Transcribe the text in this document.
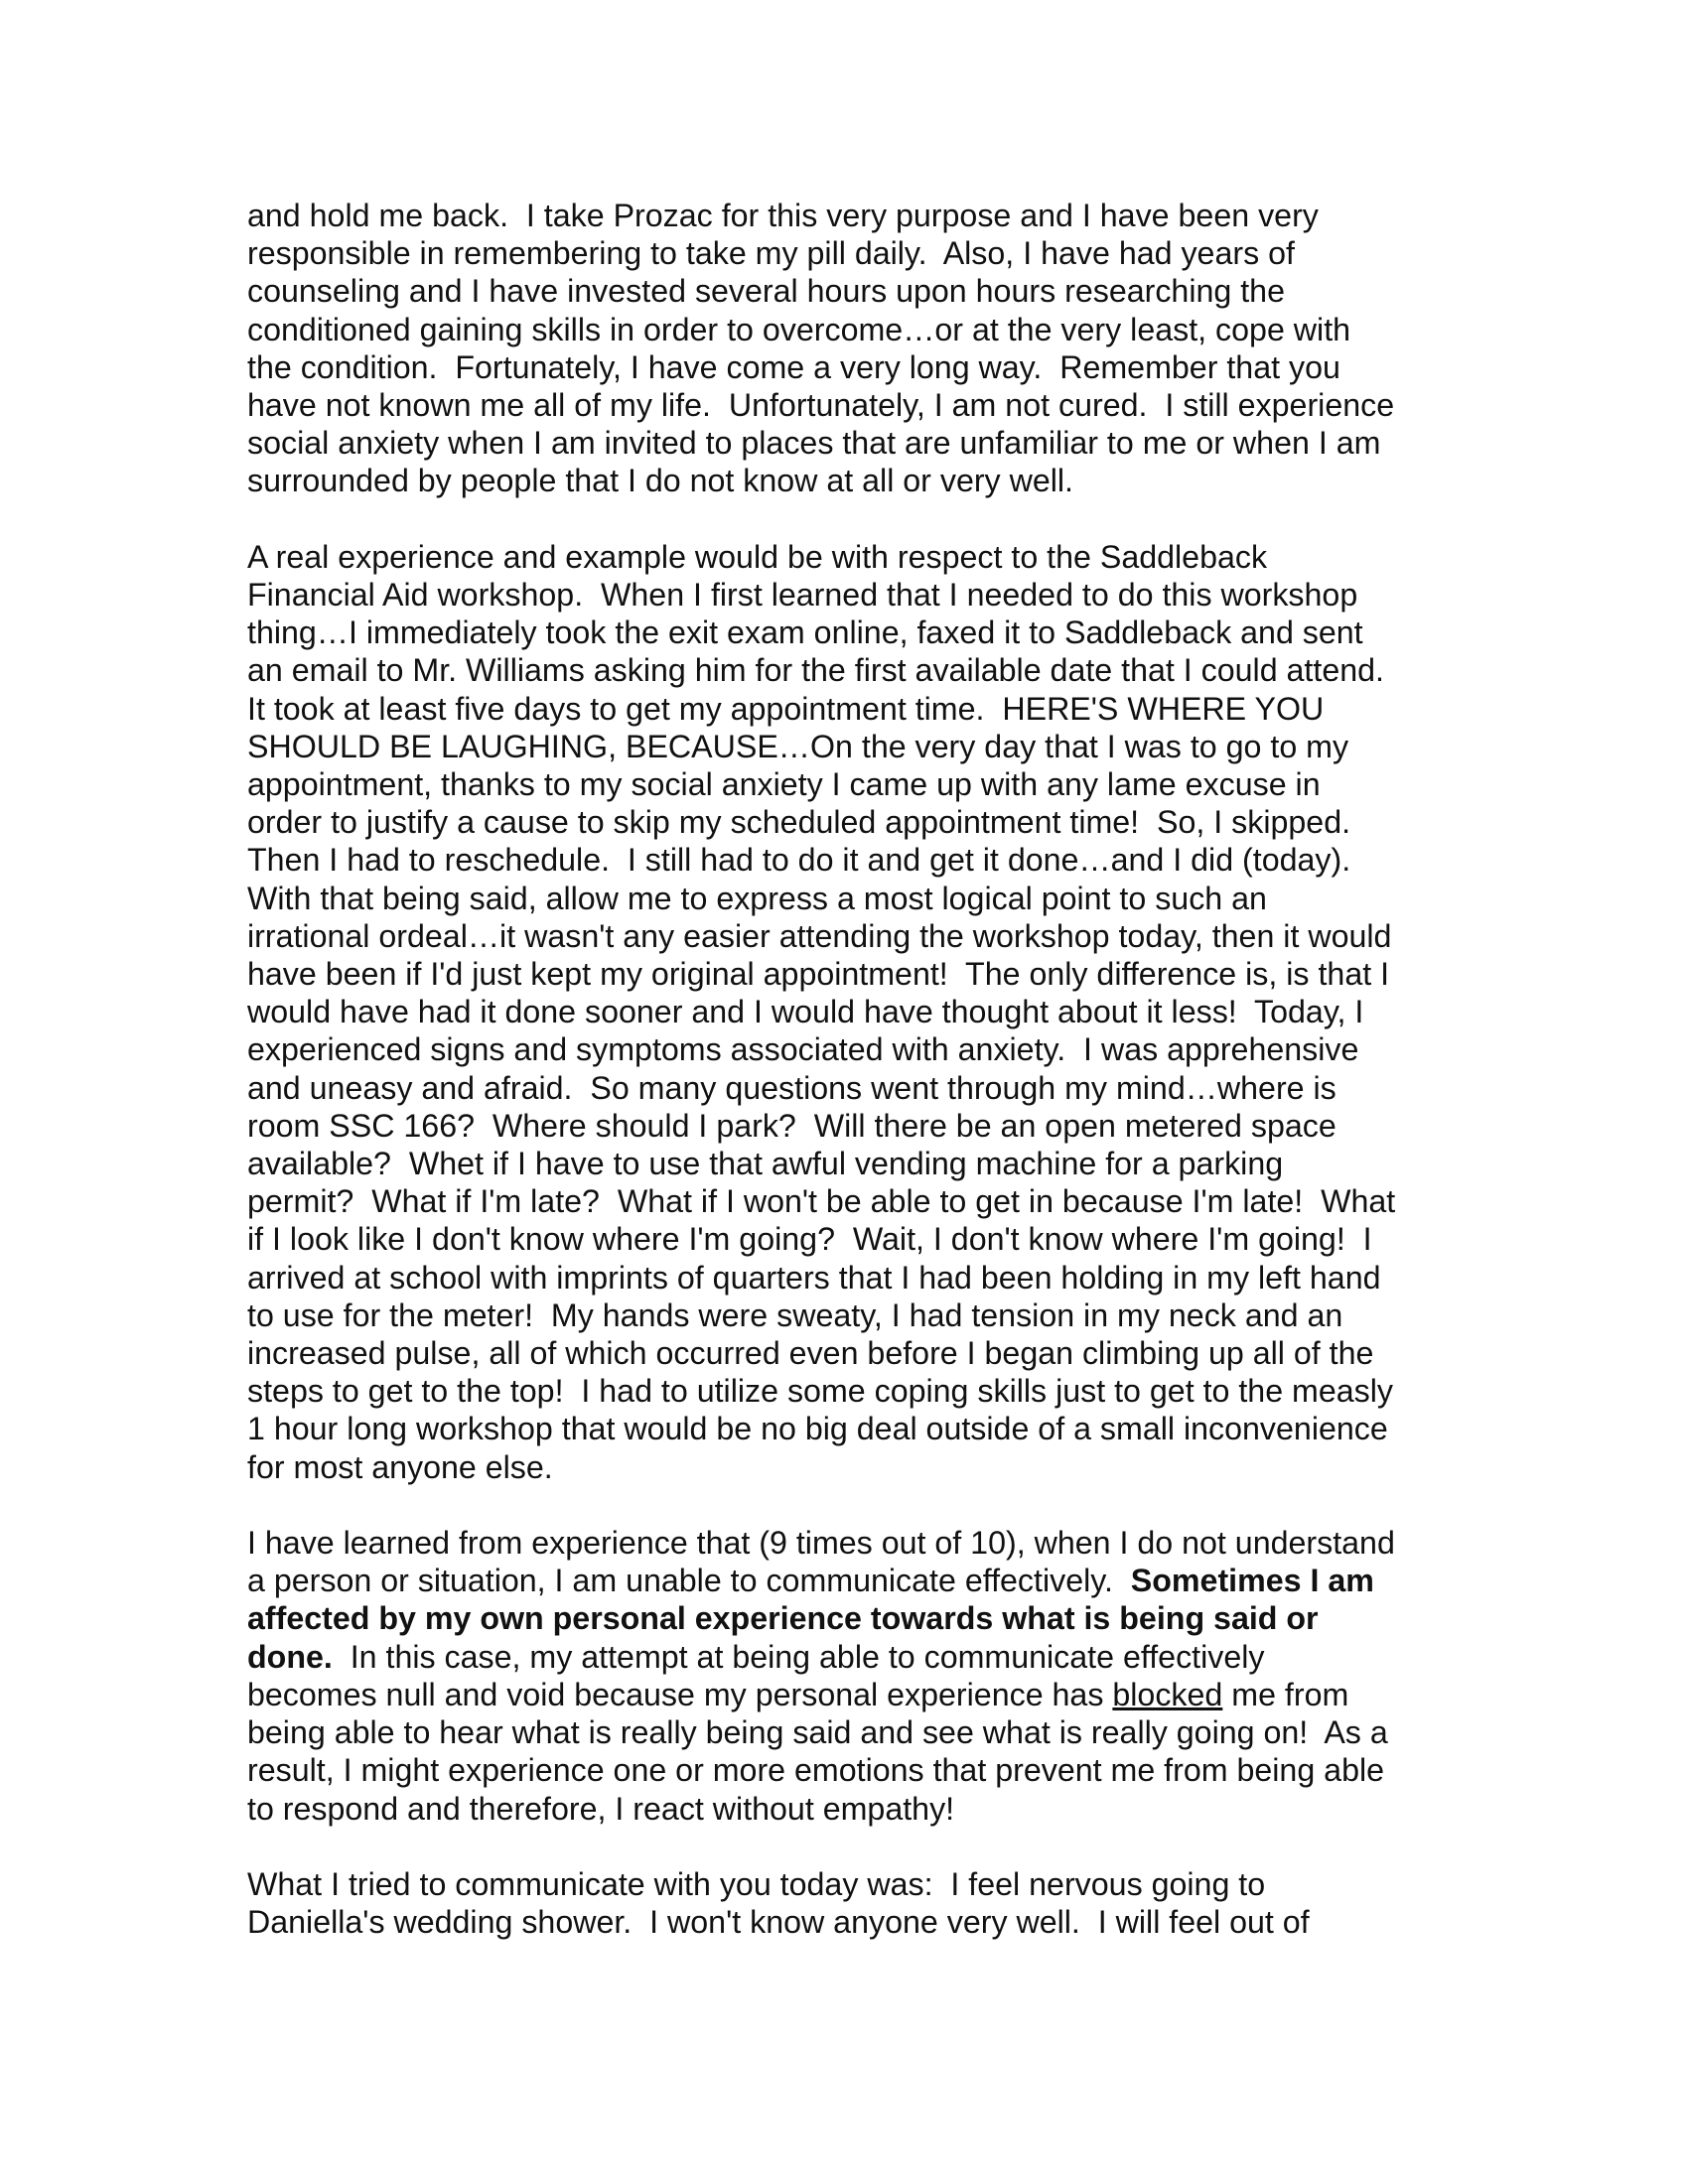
and hold me back.  I take Prozac for this very purpose and I have been very
responsible in remembering to take my pill daily.  Also, I have had years of
counseling and I have invested several hours upon hours researching the
conditioned gaining skills in order to overcome…or at the very least, cope with
the condition.  Fortunately, I have come a very long way.  Remember that you
have not known me all of my life.  Unfortunately, I am not cured.  I still experience
social anxiety when I am invited to places that are unfamiliar to me or when I am
surrounded by people that I do not know at all or very well.
A real experience and example would be with respect to the Saddleback
Financial Aid workshop.  When I first learned that I needed to do this workshop
thing…I immediately took the exit exam online, faxed it to Saddleback and sent
an email to Mr. Williams asking him for the first available date that I could attend.
It took at least five days to get my appointment time.  HERE'S WHERE YOU
SHOULD BE LAUGHING, BECAUSE…On the very day that I was to go to my
appointment, thanks to my social anxiety I came up with any lame excuse in
order to justify a cause to skip my scheduled appointment time!  So, I skipped.
Then I had to reschedule.  I still had to do it and get it done…and I did (today).
With that being said, allow me to express a most logical point to such an
irrational ordeal…it wasn't any easier attending the workshop today, then it would
have been if I'd just kept my original appointment!  The only difference is, is that I
would have had it done sooner and I would have thought about it less!  Today, I
experienced signs and symptoms associated with anxiety.  I was apprehensive
and uneasy and afraid.  So many questions went through my mind…where is
room SSC 166?  Where should I park?  Will there be an open metered space
available?  Whet if I have to use that awful vending machine for a parking
permit?  What if I'm late?  What if I won't be able to get in because I'm late!  What
if I look like I don't know where I'm going?  Wait, I don't know where I'm going!  I
arrived at school with imprints of quarters that I had been holding in my left hand
to use for the meter!  My hands were sweaty, I had tension in my neck and an
increased pulse, all of which occurred even before I began climbing up all of the
steps to get to the top!  I had to utilize some coping skills just to get to the measly
1 hour long workshop that would be no big deal outside of a small inconvenience
for most anyone else.
I have learned from experience that (9 times out of 10), when I do not understand
a person or situation, I am unable to communicate effectively.  Sometimes I am
affected by my own personal experience towards what is being said or
done.  In this case, my attempt at being able to communicate effectively
becomes null and void because my personal experience has blocked me from
being able to hear what is really being said and see what is really going on!  As a
result, I might experience one or more emotions that prevent me from being able
to respond and therefore, I react without empathy!
What I tried to communicate with you today was:  I feel nervous going to
Daniella's wedding shower.  I won't know anyone very well.  I will feel out of
